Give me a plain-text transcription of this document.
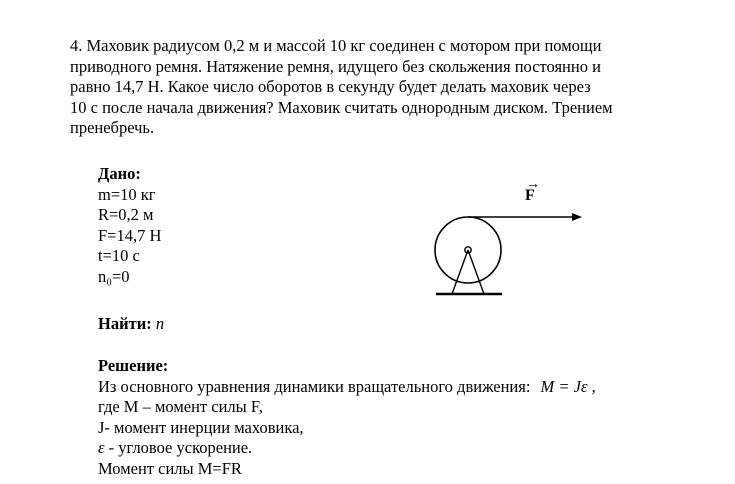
4. Маховик радиусом 0,2 м и массой 10 кг соединен с мотором при помощи
приводного ремня. Натяжение ремня, идущего без скольжения постоянно и
равно 14,7 Н. Какое число оборотов в секунду будет делать маховик через
10 с после начала движения? Маховик считать однородным диском. Трением
пренебречь.
Дано:
m=10 кг
R=0,2 м
F=14,7 Н
t=10 с
n₀=0
→
F
Найти: n
Решение:
Из основного уравнения динамики вращательного движения: M = Jε ,
где М – момент силы F,
J- момент инерции маховика,
ε - угловое ускорение.
Момент силы M=FR
